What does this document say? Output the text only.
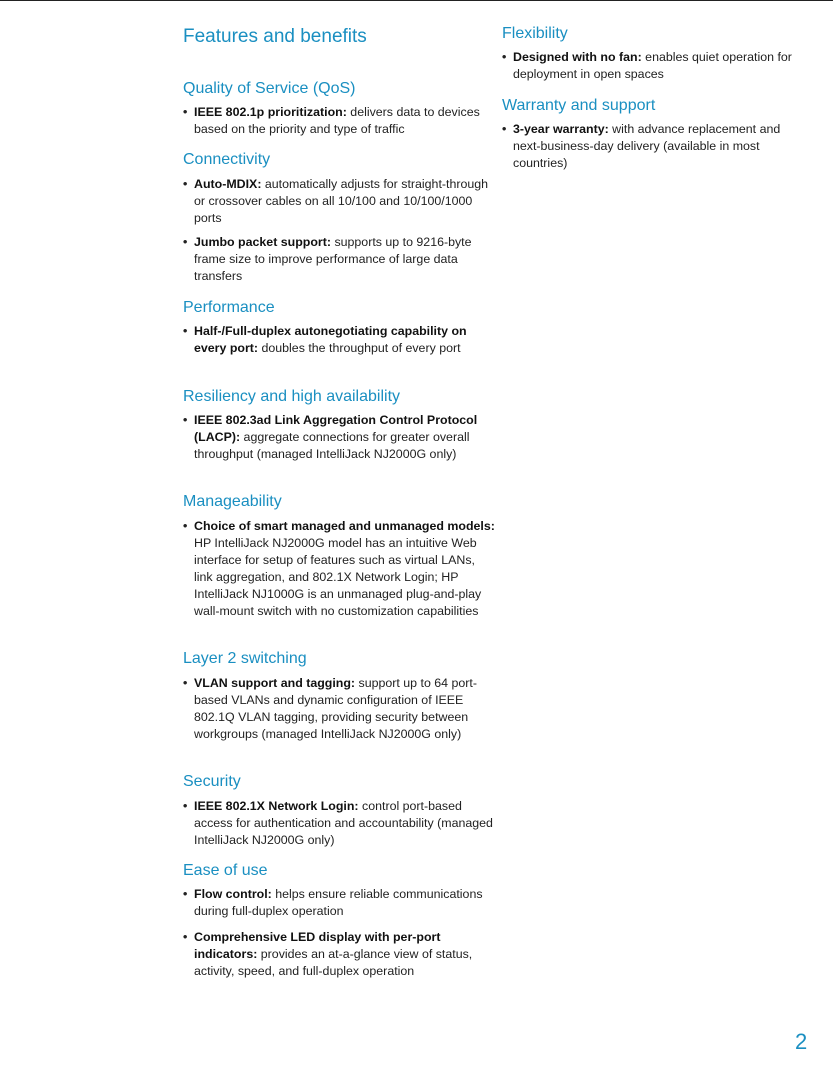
Features and benefits
Quality of Service (QoS)
• IEEE 802.1p prioritization: delivers data to devices based on the priority and type of traffic
Connectivity
• Auto-MDIX: automatically adjusts for straight-through or crossover cables on all 10/100 and 10/100/1000 ports
• Jumbo packet support: supports up to 9216-byte frame size to improve performance of large data transfers
Performance
• Half-/Full-duplex autonegotiating capability on every port: doubles the throughput of every port
Resiliency and high availability
• IEEE 802.3ad Link Aggregation Control Protocol (LACP): aggregate connections for greater overall throughput (managed IntelliJack NJ2000G only)
Manageability
• Choice of smart managed and unmanaged models: HP IntelliJack NJ2000G model has an intuitive Web interface for setup of features such as virtual LANs, link aggregation, and 802.1X Network Login; HP IntelliJack NJ1000G is an unmanaged plug-and-play wall-mount switch with no customization capabilities
Layer 2 switching
• VLAN support and tagging: support up to 64 port-based VLANs and dynamic configuration of IEEE 802.1Q VLAN tagging, providing security between workgroups (managed IntelliJack NJ2000G only)
Security
• IEEE 802.1X Network Login: control port-based access for authentication and accountability (managed IntelliJack NJ2000G only)
Ease of use
• Flow control: helps ensure reliable communications during full-duplex operation
• Comprehensive LED display with per-port indicators: provides an at-a-glance view of status, activity, speed, and full-duplex operation
Flexibility
• Designed with no fan: enables quiet operation for deployment in open spaces
Warranty and support
• 3-year warranty: with advance replacement and next-business-day delivery (available in most countries)
2
